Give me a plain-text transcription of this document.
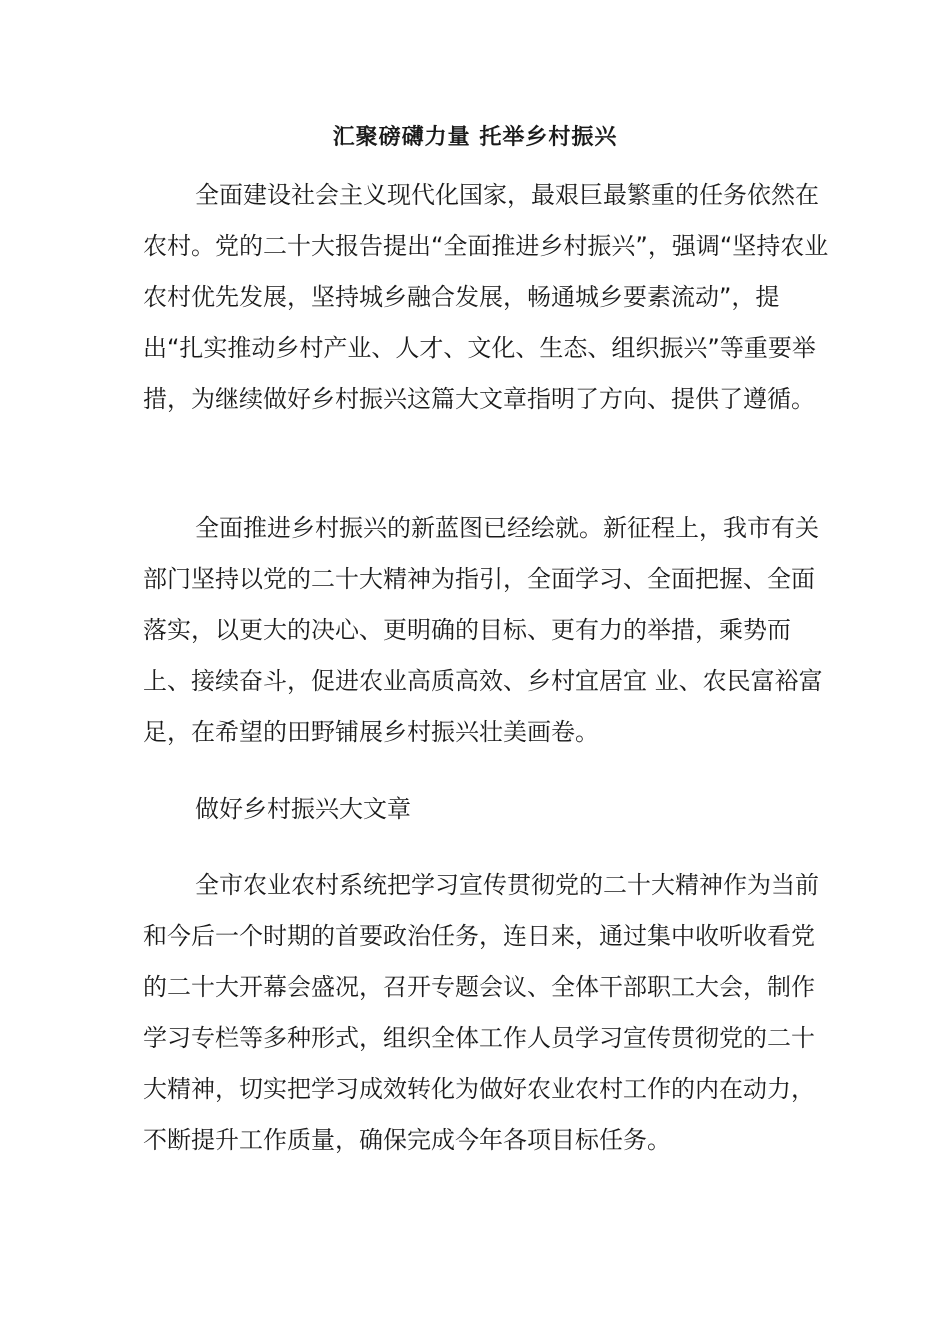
汇聚磅礴力量 托举乡村振兴

全面建设社会主义现代化国家，最艰巨最繁重的任务依然在农村。党的二十大报告提出“全面推进乡村振兴”，强调“坚持农业农村优先发展，坚持城乡融合发展，畅通城乡要素流动”，提出“扎实推动乡村产业、人才、文化、生态、组织振兴”等重要举措，为继续做好乡村振兴这篇大文章指明了方向、提供了遵循。

全面推进乡村振兴的新蓝图已经绘就。新征程上，我市有关部门坚持以党的二十大精神为指引，全面学习、全面把握、全面落实，以更大的决心、更明确的目标、更有力的举措，乘势而上、接续奋斗，促进农业高质高效、乡村宜居宜 业、农民富裕富足，在希望的田野铺展乡村振兴壮美画卷。

做好乡村振兴大文章

全市农业农村系统把学习宣传贯彻党的二十大精神作为当前和今后一个时期的首要政治任务，连日来，通过集中收听收看党的二十大开幕会盛况，召开专题会议、全体干部职工大会，制作学习专栏等多种形式，组织全体工作人员学习宣传贯彻党的二十大精神，切实把学习成效转化为做好农业农村工作的内在动力，不断提升工作质量，确保完成今年各项目标任务。
